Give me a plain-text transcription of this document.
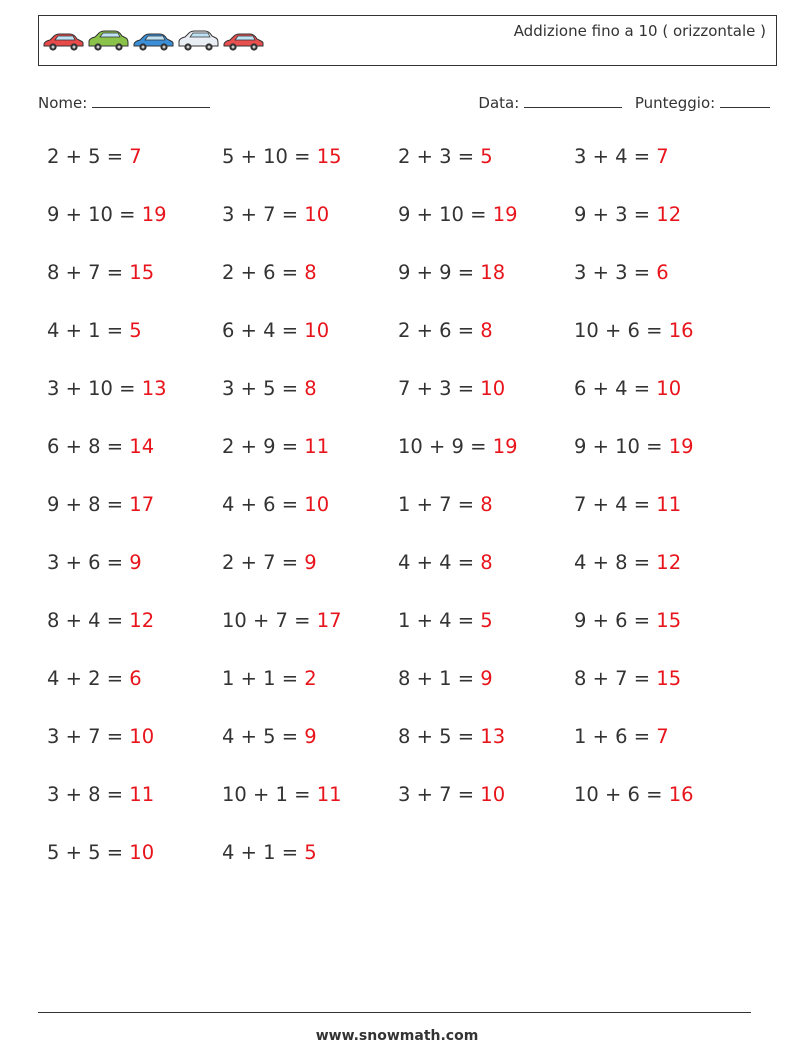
Addizione fino a 10 ( orizzontale )
Nome:	Data:	Punteggio:
2 + 5 = 7	5 + 10 = 15	2 + 3 = 5	3 + 4 = 7
9 + 10 = 19	3 + 7 = 10	9 + 10 = 19	9 + 3 = 12
8 + 7 = 15	2 + 6 = 8	9 + 9 = 18	3 + 3 = 6
4 + 1 = 5	6 + 4 = 10	2 + 6 = 8	10 + 6 = 16
3 + 10 = 13	3 + 5 = 8	7 + 3 = 10	6 + 4 = 10
6 + 8 = 14	2 + 9 = 11	10 + 9 = 19	9 + 10 = 19
9 + 8 = 17	4 + 6 = 10	1 + 7 = 8	7 + 4 = 11
3 + 6 = 9	2 + 7 = 9	4 + 4 = 8	4 + 8 = 12
8 + 4 = 12	10 + 7 = 17	1 + 4 = 5	9 + 6 = 15
4 + 2 = 6	1 + 1 = 2	8 + 1 = 9	8 + 7 = 15
3 + 7 = 10	4 + 5 = 9	8 + 5 = 13	1 + 6 = 7
3 + 8 = 11	10 + 1 = 11	3 + 7 = 10	10 + 6 = 16
5 + 5 = 10	4 + 1 = 5
www.snowmath.com
